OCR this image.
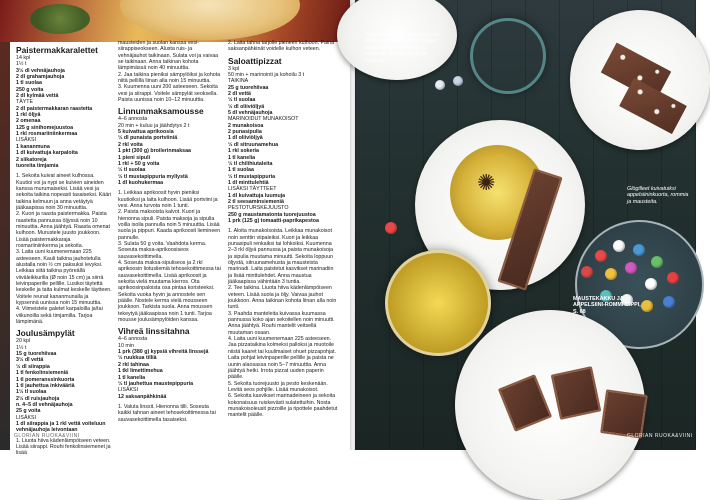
Paistermakkaralettet

14 kpl

1½ t

3½ dl vehnäjauhoja

2 dl grahamjauhoja

1 tl suolaa

250 g voita

2 dl kylmää vettä

TÄYTE

2 dl paistermakkaran raastetta

1 rkl öljyä

2 omenaa

125 g sinihomejuustoa

1 rkl rosmariiniinkermaa

LISÄKSI

1 kananmuna

1 dl kuivattuja karpaloita

2 siikatoreja

tuoreita timjamia

1. Sekoita kuivat aineet kulhossa. Kuutioi voi ja nypi se kuivien aineiden kanssa murumaiseksi. Lisää vesi ja sekoita taikina nopeasti tasaiseksi. Kääri taikina kelmuun ja anna vetäytyä jääkaapissa noin 30 minuuttia.

2. Kuori ja raasta paistermakka. Paista raastetta pannussa öljyssä noin 10 minuuttia. Anna jäähtyä. Raasta omenat kulhoon. Murustele juusto joukkoon. Lisää paistermakkaraja rosmariiniinkerma ja sekoita.

3. Laita uuni kuumenemaan 225 asteeseen. Kauli taikina jauhotetulla alustalla noin ½ cm paksuksi levyksi. Leikkaa siitä taikina pyöreällä viiväleikkurilla (Ø noin 15 cm) ja siirrä leivinpaperille pellille. Lusikoi täytettä keskelle ja taita kulmat keskelle täytteen. Voitele reunat kananmunalla ja kypsennä uunissa noin 15 minuuttia.

4. Viimeistele galetet karpaloilla ja/tai viikunoilla sekä timjamilla. Tarjoa lämpimänä.

Joulusämpylät

20 kpl

1½ t

15 g tuorehiivaa

3½ dl vettä

½ dl siirappia

1 tl fenkolinsiemeniä

1 tl pomeranssinkuorta

1 tl jauhettua inkivääriä

1½ tl suolaa

2½ dl ruisjauhoja

n. 4–5 dl vehnäjauhoja

25 g voita

LISÄKSI

1 dl siirappia ja 1 rkl vettä voiteluun

vehnäjauhoja leivontaan

1. Liuota hiiva kädenlämpöiseen veteen. Lisää siirappi. Rouhi fenkolinsiemenet ja lisää

mausteiden ja suolan kanssa vesi-siirappiseokseen. Alusta ruis- ja vehnäjauhot taikinaan. Sulata voi ja vaivaa se taikinaan. Anna taikinan kohota lämpimässä noin 40 minuuttia.

2. Jaa taikina pieniksi sämpylöiksi ja kohota niitä pellillä liinan alla noin 15 minuuttia.

3. Kuumenna uuni 200 asteeseen. Sekoita vesi ja siirappi. Voitele sämpylät seoksella. Paista uunissa noin 10–12 minuuttia.

Linnunmaksamousse

4–6 annosta

20 min + kuluu ja jäähdytys 2 t

5 kuivattua aprikoosia

½ dl punaista portviiniä

2 rkl voita

1 pkt (300 g) broilerinmaksaa

1 pieni sipuli

1 rkl + 50 g voita

½ tl suolaa

½ tl mustapippuria myllystä

1 dl kuohukermaa

1. Leikkaa aprikoosit hyvin pieniksi kuutioiksi ja laita kulhoon. Lisää portviini ja vesi. Anna turvota noin 1 tunti.

2. Paista maksoista kalvot. Kuori ja hienonna sipuli. Paista maksoja ja sipulia voilla isolla pannulla noin 5 minuuttia. Lisää suola ja pippuri. Kaada aprikoosit liemineen pannulle.

3. Sulata 50 g voita. Vaahdota kerma. Soseuta maksa-aprikoosiseos sauvasekoittimella.

4. Soseuta maksa-sipuliseos ja 2 rkl aprikoosin liotusliemiä tehosekoittimessa tai sauvasekoittimella. Lisää aprikoosit ja sekoita vielä muutama kierros. Ota aprikoosinpaloista osa pintaa koristeeksi. Sekoita vuoka hyvin ja annostele sen päälle. Nostele kerma vielä mousseen joukkoon. Tarkista suola. Anna moussen tekeytyä jääkaapissa noin 1 tunti. Tarjoa mousse joulusämpylöiden kanssa.

Vihreä linssitahna

4–6 annosta

10 min

1 prk (380 g) kypsiä vihreitä linssejä

½ ruukkua tilliä

2 rkl tahinaa

1 tkl limettimehua

1 tl kanelia

½ tl jauhettua maustepippuria

LISÄKSI

12 saksanpähkinää

1. Valuta linssit. Hienonna tilli. Soseuta kaikki tahnan aineet tehosekoittimessa tai sauvasekoittimella tasaiseksi.

2. Laita tahna tarjolle pieneen kulhoon. Paina saksanpähkinät voidelle kulhon veteen.

Saloattipizzat

3 kpl

50 min + marinointi ja kohoilu 3 t

TAIKINA

25 g tuorehiivaa

2 dl vettä

½ tl suolaa

½ dl oliiviöljyä

5 dl vehnäjauhoja

MARINOIDUT MUNAKOISOT

2 munakoisoa

2 punasipulia

1 dl oliiviöljyä

½ dl sitruunamehua

1 rkl sokeria

1 tl kanelia

½ tl chilihiutaleita

1 tl suolaa

½ tl mustapippuria

1 dl minttulehtiä

LISÄKSI TÄYTTEET

1 dl kuivattuja luumuja

2 tl seesaminsiemeniä

PESTOTURSKEJUUSTO

250 g maustamatonta tuorejuustoa

1 prk (125 g) tomaatti-paprikapestoa

1. Aloita munakoisoista. Leikkaa munakoisot noin senttin viipaleiksi. Kuori ja leikkaa punasipuli renkaiksi tai lohkoiksi. Kuumenna 2–3 rkl öljyä pannussa ja paista munakoisoja ja sipulia muutama minuutti. Sekoita loppuun öljystä, sitruunamehusta ja mausteista marinadi. Laita paistetut kasvikset marinadiin ja lisää minttulehdet. Anna maustua jääkaapissa vähintään 3 tuntia.

2. Tee taikina. Liuota hiiva kädenlämpöiseen veteen. Lisää suola ja öljy. Vaivaa jauhot joukkoon. Anna taikinan kohota liinan alla noin tunti.

3. Paahda manteleita kuivassa kuumassa pannussa koko ajan sekoitellen noin minuutti. Anna jäähtyä. Rouhi mantelit veitsellä muutaman osaan.

4. Laita uuni kuumenemaan 225 asteeseen. Jaa pizzataikina kolmeksi palloksi ja muotoile niistä kaaret tai kuulimaiset ohuet pizzapohjat. Laita pohjat leivinpaperille pellille ja paista ne uunin alaosassa noin 5–7 minuuttia. Anna jäähtyä hetki. Irrota pizzat uuden paperin päälle.

5. Sekoita tuorejuusto ja pesto keskenään. Levitä seos pohjille. Lisää munakoisot.

6. Sekoita kasvikset marinadeineen ja sekoita kokonaisuus ruiskevästi sulatettuihin. Nosta munakoisoleusit pizzoille ja ripottele paahdetut mantelit päälle.

GLORIAN RUOKA&VIINI
✺
Tutti talkoissa, suut ilaitut. Laita kaikki sekaisin. Kaikki mahtuu joulupöytään ja ystävät ja tarjoavat. Ruoka hyvää ja makeaa.
Glögilleet kuivatuiksi appelsiininkuorta, rommia ja mausteita.
MAUSTEKAKKU JA APPELSIINI-ROMMI-DIPPI, S. 68
GLORIAN RUOKA&VIINI 67
